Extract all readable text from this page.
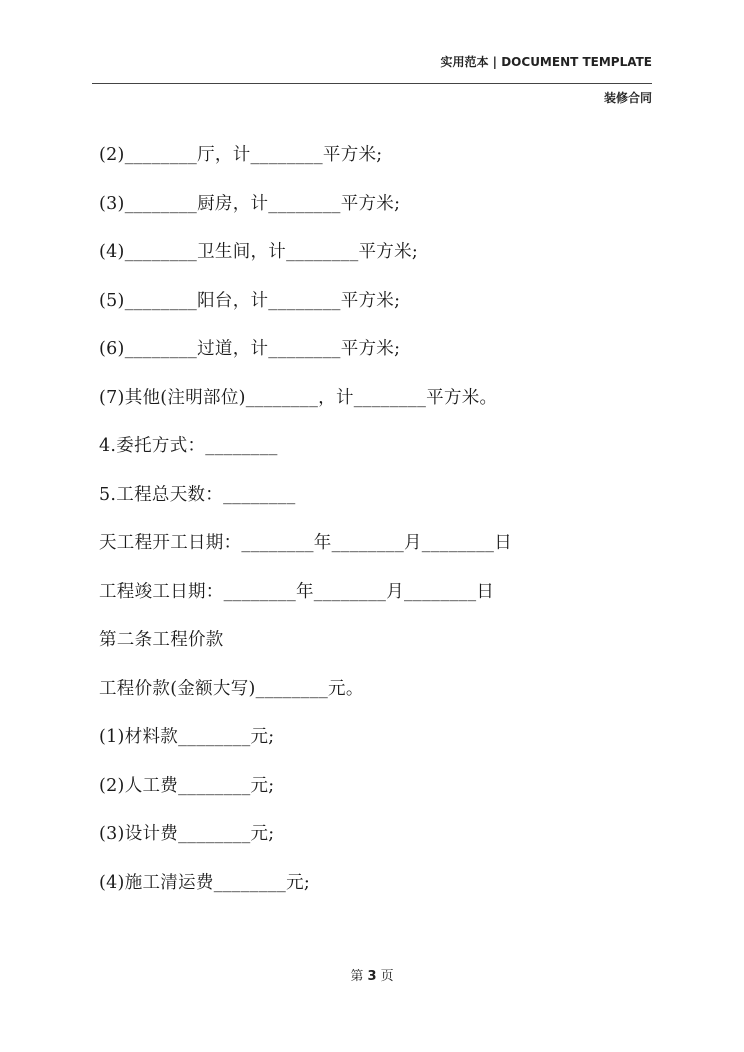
实用范本 | DOCUMENT TEMPLATE
装修合同
(2)________厅，计________平方米;
(3)________厨房，计________平方米;
(4)________卫生间，计________平方米;
(5)________阳台，计________平方米;
(6)________过道，计________平方米;
(7)其他(注明部位)________，计________平方米。
4.委托方式：________
5.工程总天数：________
天工程开工日期：________年________月________日
工程竣工日期：________年________月________日
第二条工程价款
工程价款(金额大写)________元。
(1)材料款________元;
(2)人工费________元;
(3)设计费________元;
(4)施工清运费________元;
第 3 页
